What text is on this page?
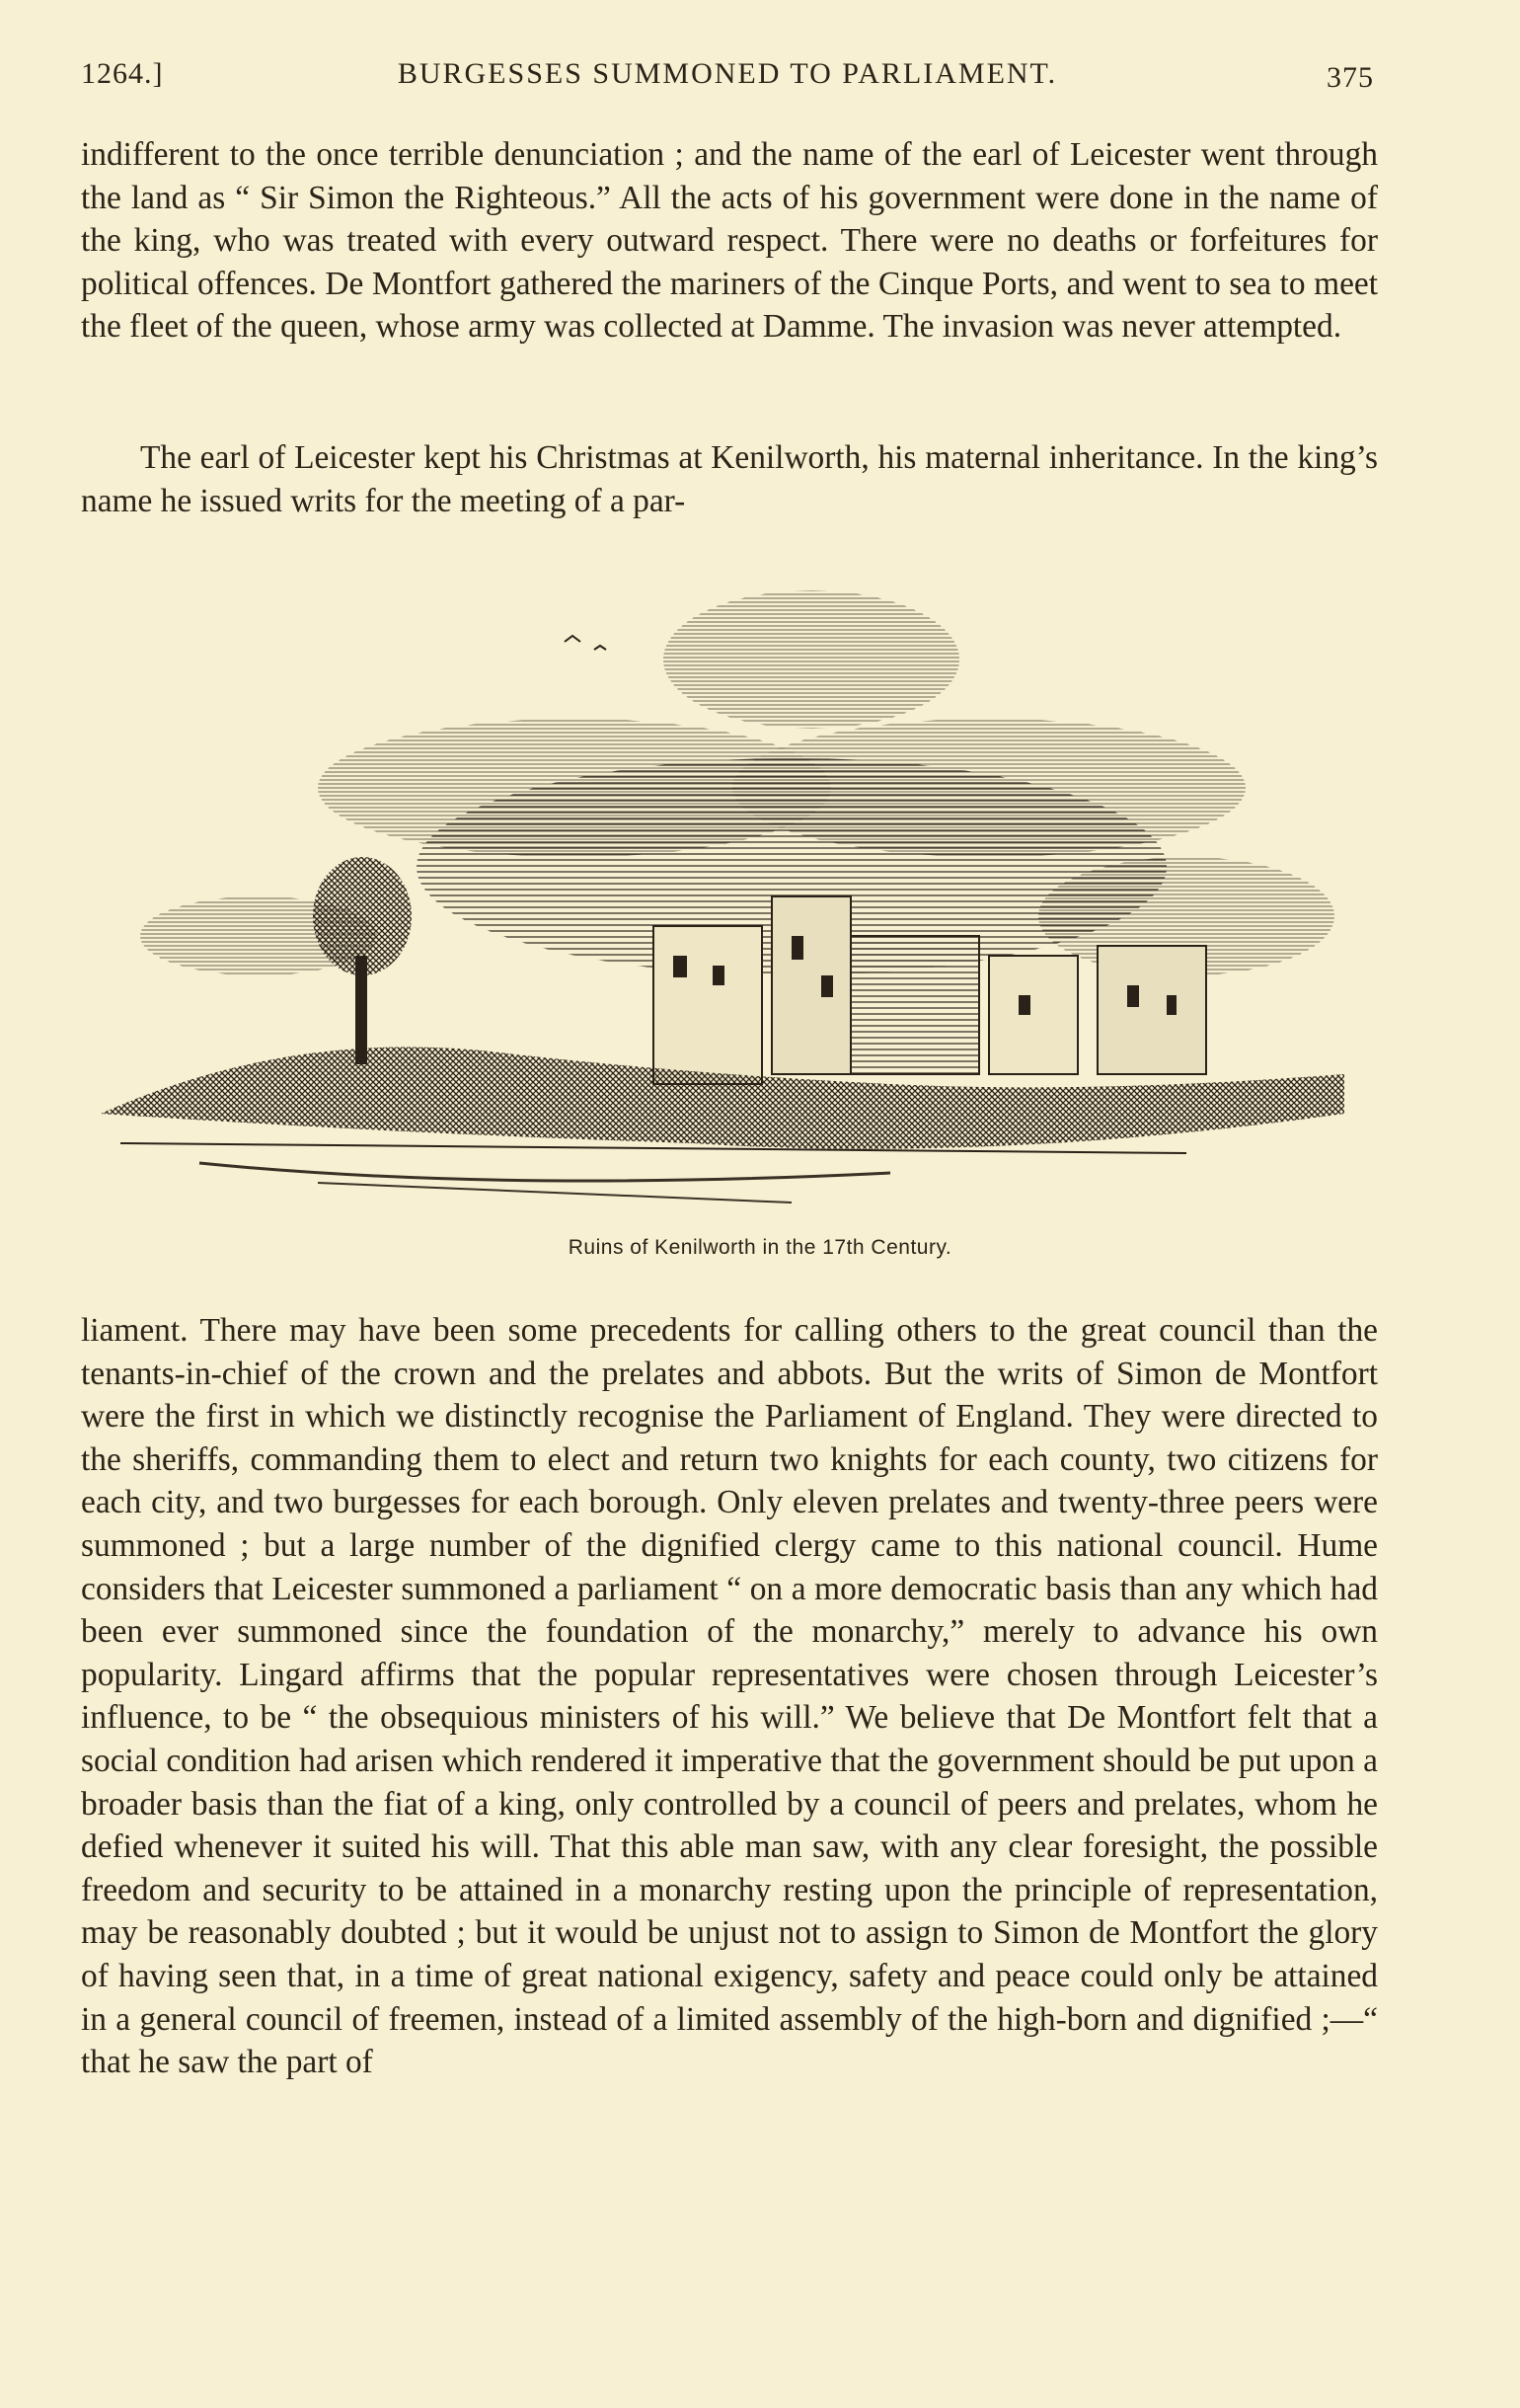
1264.]	BURGESSES SUMMONED TO PARLIAMENT.	375

indifferent to the once terrible denunciation ; and the name of the earl of Leicester went through the land as “ Sir Simon the Righteous.” All the acts of his government were done in the name of the king, who was treated with every outward respect. There were no deaths or forfeitures for political offences. De Montfort gathered the mariners of the Cinque Ports, and went to sea to meet the fleet of the queen, whose army was collected at Damme. The invasion was never attempted.

The earl of Leicester kept his Christmas at Kenilworth, his maternal inheritance. In the king’s name he issued writs for the meeting of a par-

Ruins of Kenilworth in the 17th Century.

liament. There may have been some precedents for calling others to the great council than the tenants-in-chief of the crown and the prelates and abbots. But the writs of Simon de Montfort were the first in which we distinctly recognise the Parliament of England. They were directed to the sheriffs, commanding them to elect and return two knights for each county, two citizens for each city, and two burgesses for each borough. Only eleven prelates and twenty-three peers were summoned ; but a large number of the dignified clergy came to this national council. Hume considers that Leicester summoned a parliament “ on a more democratic basis than any which had been ever summoned since the foundation of the monarchy,” merely to advance his own popularity. Lingard affirms that the popular representatives were chosen through Leicester’s influence, to be “ the obsequious ministers of his will.” We believe that De Montfort felt that a social condition had arisen which rendered it imperative that the government should be put upon a broader basis than the fiat of a king, only controlled by a council of peers and prelates, whom he defied whenever it suited his will. That this able man saw, with any clear foresight, the possible freedom and security to be attained in a monarchy resting upon the principle of representation, may be reasonably doubted ; but it would be unjust not to assign to Simon de Montfort the glory of having seen that, in a time of great national exigency, safety and peace could only be attained in a general council of freemen, instead of a limited assembly of the high-born and dignified ;—“ that he saw the part of
